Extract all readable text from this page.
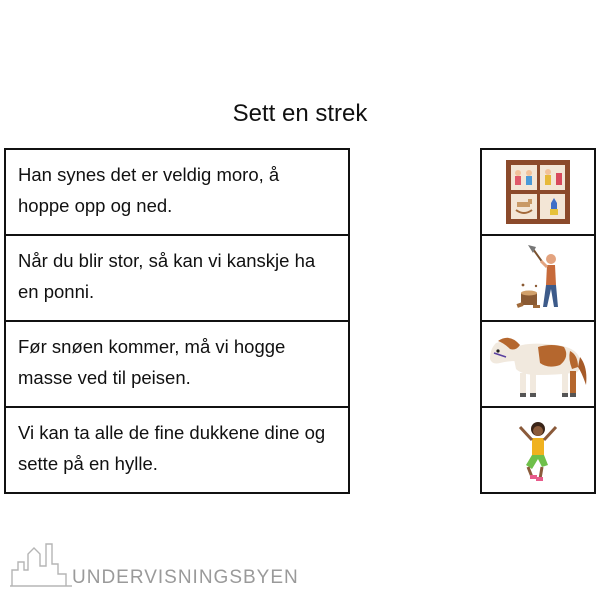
Sett en strek
Han synes det er veldig moro, å hoppe opp og ned.
Når du blir stor, så kan vi kanskje ha en ponni.
Før snøen kommer, må vi hogge masse ved til peisen.
Vi kan ta alle de fine dukkene dine og sette på en hylle.
UNDERVISNINGSBYEN
